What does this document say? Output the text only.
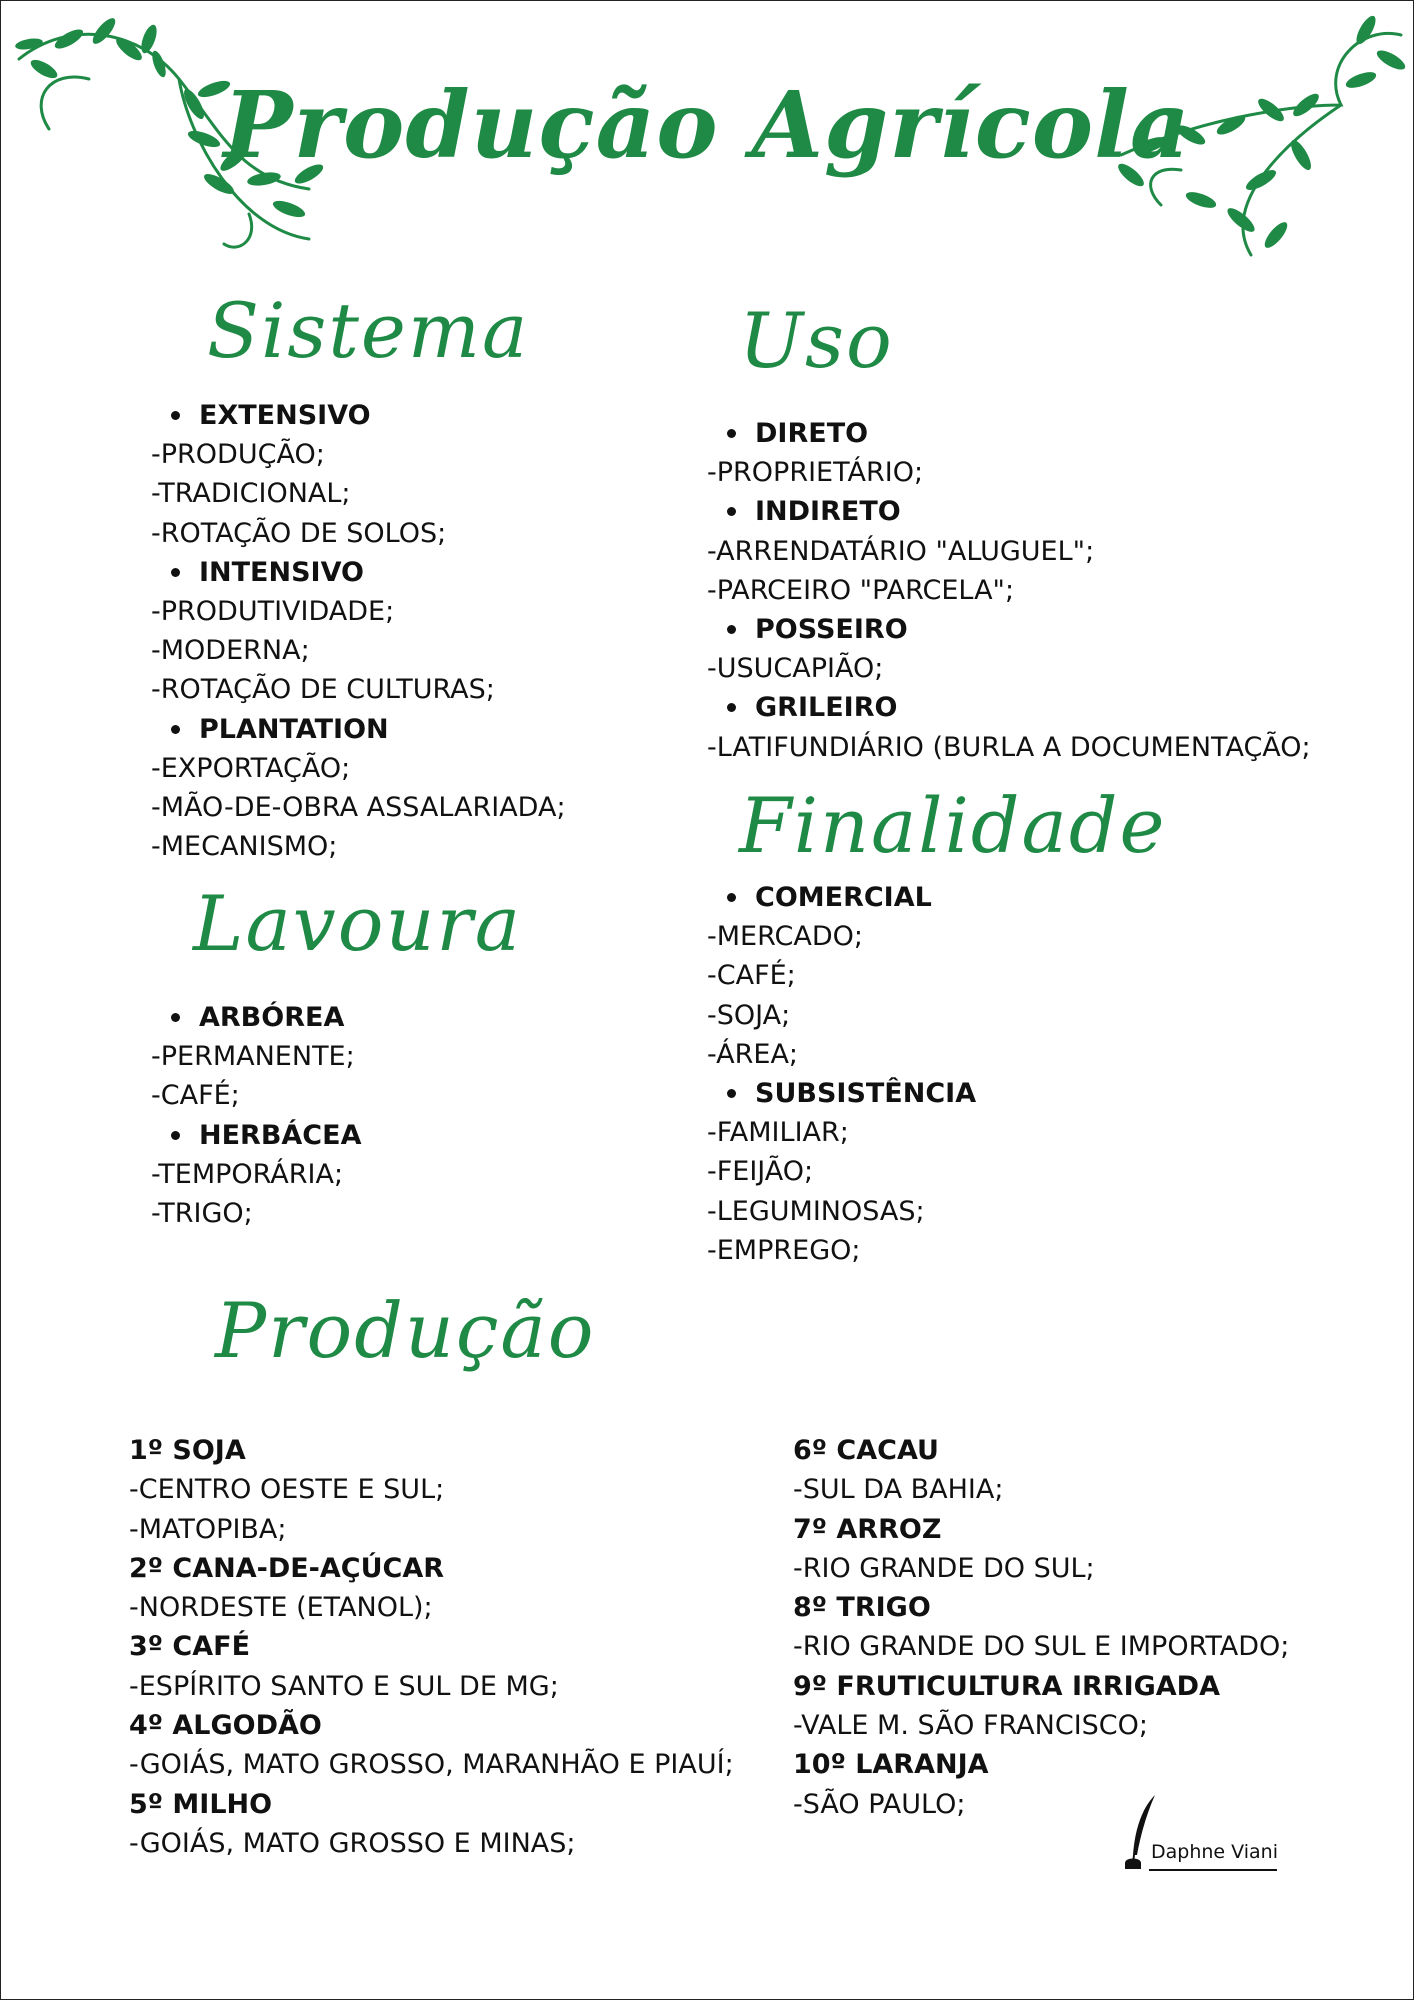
Produção Agrícola
Sistema	Uso
Lavoura
Finalidade
Produção
EXTENSIVO
-PRODUÇÃO;
-TRADICIONAL;
-ROTAÇÃO DE SOLOS;
INTENSIVO
-PRODUTIVIDADE;
-MODERNA;
-ROTAÇÃO DE CULTURAS;
PLANTATION
-EXPORTAÇÃO;
-MÃO-DE-OBRA ASSALARIADA;
-MECANISMO;
DIRETO
-PROPRIETÁRIO;
INDIRETO
-ARRENDATÁRIO "ALUGUEL";
-PARCEIRO "PARCELA";
POSSEIRO
-USUCAPIÃO;
GRILEIRO
-LATIFUNDIÁRIO (BURLA A DOCUMENTAÇÃO;
ARBÓREA
-PERMANENTE;
-CAFÉ;
HERBÁCEA
-TEMPORÁRIA;
-TRIGO;
COMERCIAL
-MERCADO;
-CAFÉ;
-SOJA;
-ÁREA;
SUBSISTÊNCIA
-FAMILIAR;
-FEIJÃO;
-LEGUMINOSAS;
-EMPREGO;
1º SOJA
-CENTRO OESTE E SUL;
-MATOPIBA;
2º CANA-DE-AÇÚCAR
-NORDESTE (ETANOL);
3º CAFÉ
-ESPÍRITO SANTO E SUL DE MG;
4º ALGODÃO
-GOIÁS, MATO GROSSO, MARANHÃO E PIAUÍ;
5º MILHO
-GOIÁS, MATO GROSSO E MINAS;
6º CACAU
-SUL DA BAHIA;
7º ARROZ
-RIO GRANDE DO SUL;
8º TRIGO
-RIO GRANDE DO SUL E IMPORTADO;
9º FRUTICULTURA IRRIGADA
-VALE M. SÃO FRANCISCO;
10º LARANJA
-SÃO PAULO;
Daphne Viani
